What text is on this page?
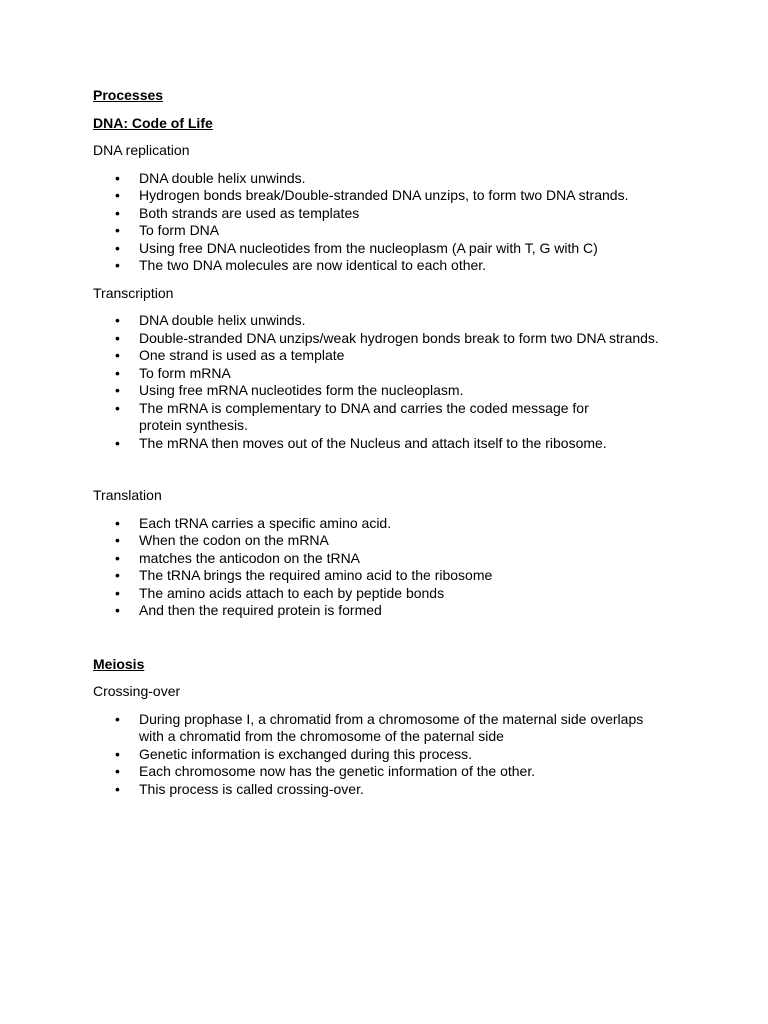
Processes

DNA: Code of Life

DNA replication

• DNA double helix unwinds.
• Hydrogen bonds break/Double-stranded DNA unzips, to form two DNA strands.
• Both strands are used as templates
• To form DNA
• Using free DNA nucleotides from the nucleoplasm (A pair with T, G with C)
• The two DNA molecules are now identical to each other.

Transcription

• DNA double helix unwinds.
• Double-stranded DNA unzips/weak hydrogen bonds break to form two DNA strands.
• One strand is used as a template
• To form mRNA
• Using free mRNA nucleotides form the nucleoplasm.
• The mRNA is complementary to DNA and carries the coded message for protein synthesis.
• The mRNA then moves out of the Nucleus and attach itself to the ribosome.

Translation

• Each tRNA carries a specific amino acid.
• When the codon on the mRNA
• matches the anticodon on the tRNA
• The tRNA brings the required amino acid to the ribosome
• The amino acids attach to each by peptide bonds
• And then the required protein is formed

Meiosis

Crossing-over

• During prophase I, a chromatid from a chromosome of the maternal side overlaps with a chromatid from the chromosome of the paternal side
• Genetic information is exchanged during this process.
• Each chromosome now has the genetic information of the other.
• This process is called crossing-over.
